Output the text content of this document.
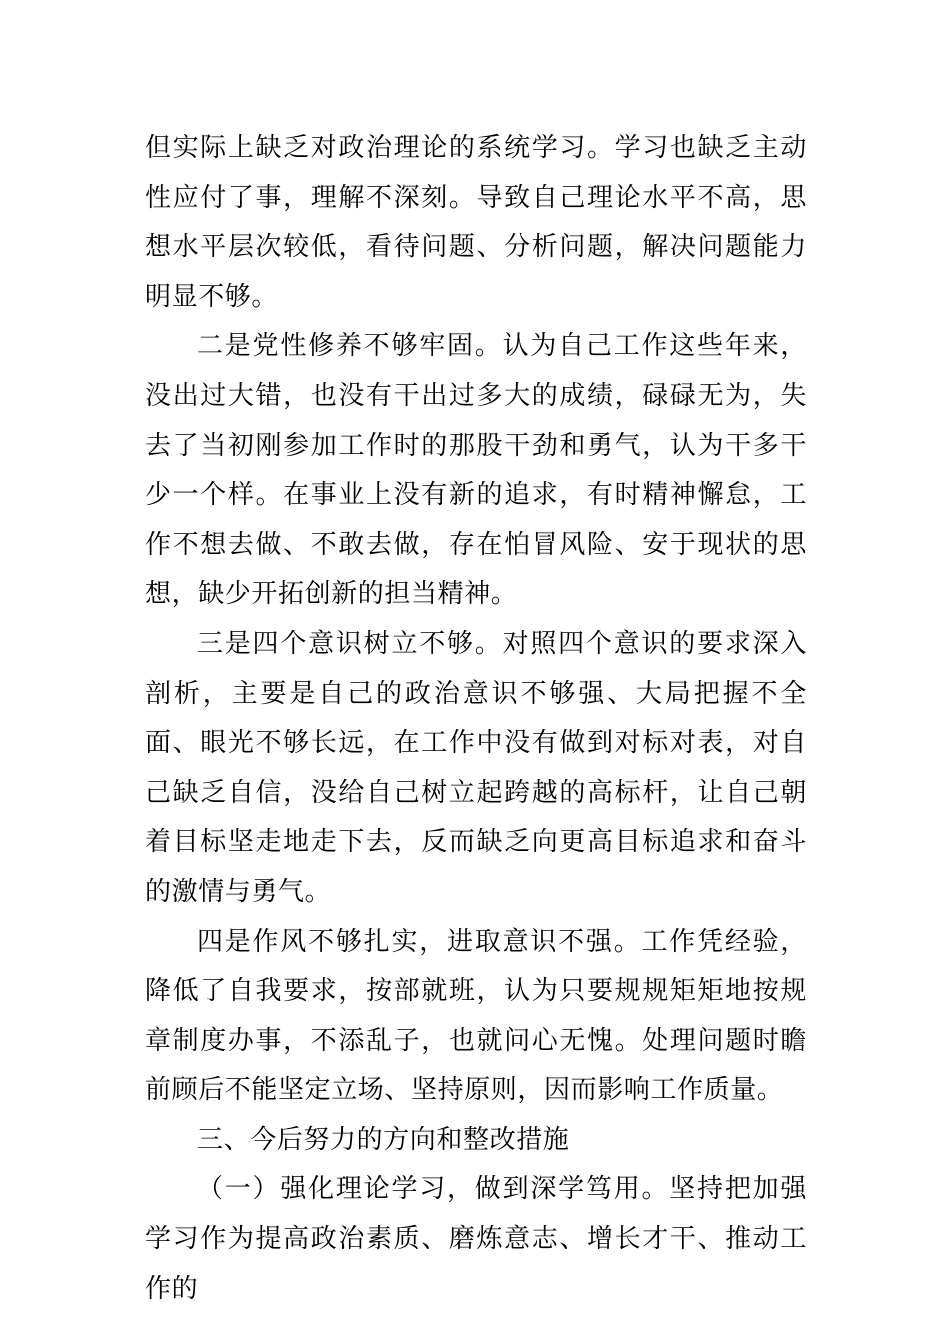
但实际上缺乏对政治理论的系统学习。学习也缺乏主动性应付了事，理解不深刻。导致自己理论水平不高，思想水平层次较低，看待问题、分析问题，解决问题能力明显不够。

二是党性修养不够牢固。认为自己工作这些年来，没出过大错，也没有干出过多大的成绩，碌碌无为，失去了当初刚参加工作时的那股干劲和勇气，认为干多干少一个样。在事业上没有新的追求，有时精神懈怠，工作不想去做、不敢去做，存在怕冒风险、安于现状的思想，缺少开拓创新的担当精神。

三是四个意识树立不够。对照四个意识的要求深入剖析，主要是自己的政治意识不够强、大局把握不全面、眼光不够长远，在工作中没有做到对标对表，对自己缺乏自信，没给自己树立起跨越的高标杆，让自己朝着目标坚走地走下去，反而缺乏向更高目标追求和奋斗的激情与勇气。

四是作风不够扎实，进取意识不强。工作凭经验，降低了自我要求，按部就班，认为只要规规矩矩地按规章制度办事，不添乱子，也就问心无愧。处理问题时瞻前顾后不能坚定立场、坚持原则，因而影响工作质量。

三、今后努力的方向和整改措施

（一）强化理论学习，做到深学笃用。坚持把加强学习作为提高政治素质、磨炼意志、增长才干、推动工作的
